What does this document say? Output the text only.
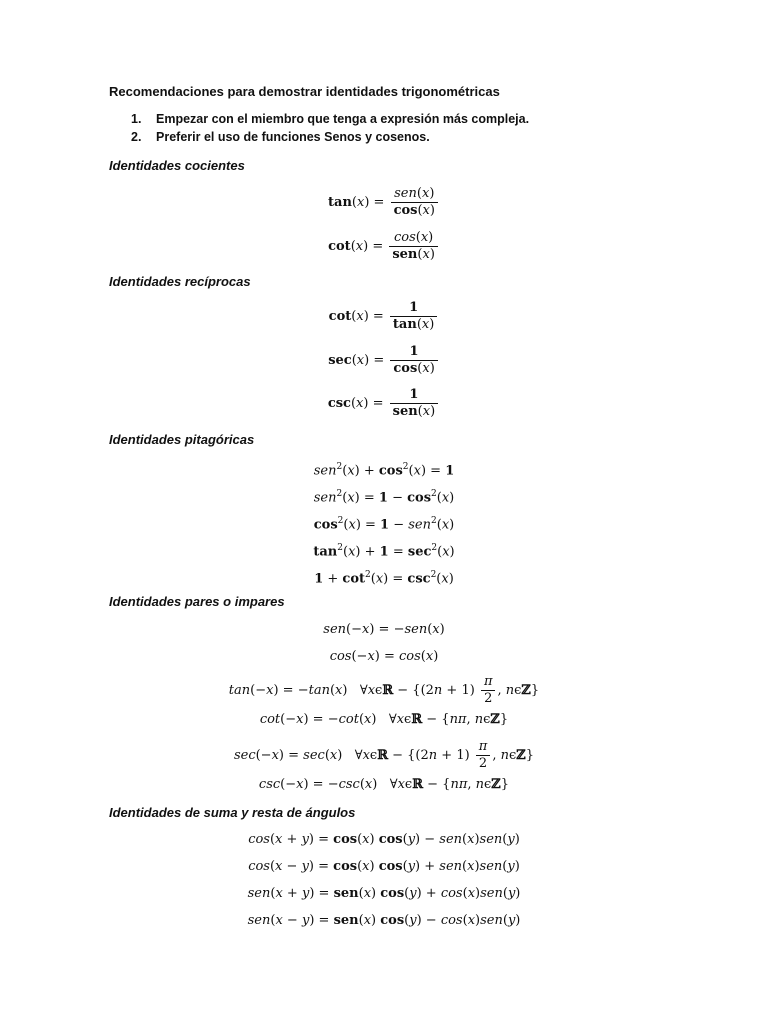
Recomendaciones para demostrar identidades trigonométricas
1. Empezar con el miembro que tenga a expresión más compleja.
2. Preferir el uso de funciones Senos y cosenos.
Identidades cocientes
$\tan(x) = \frac{\text{sen(x)}}{\cos(x)}$
$\cot(x) = \frac{\cos(x)}{\text{sen(x)}}$
Identidades recíprocas
$\cot(x) = \frac{1}{\tan(x)}$
$\sec(x) = \frac{1}{\cos(x)}$
$\csc(x) = \frac{1}{\text{sen(x)}}$
Identidades pitagóricas
$sen^2(x) + \cos^2(x) = 1$
$sen^2(x) = 1 - \cos^2(x)$
$\cos^2(x) = 1 - sen^2(x)$
$\tan^2(x) + 1 = \sec^2(x)$
$1 + \cot^2(x) = \csc^2(x)$
Identidades pares o impares
sen(−x) = −sen(x)
cos(−x) = cos(x)
tan(−x) = −tan(x)   ∀xϵℝ − {$(2n + 1) \frac{\pi}{2}$ , nϵℤ}
cot(−x) = −cot(x)   ∀xϵℝ − {nπ, nϵℤ}
sec(−x) = sec(x)   ∀xϵℝ − {$(2n + 1) \frac{\pi}{2}$ , nϵℤ}
csc(−x) = −csc(x)   ∀xϵℝ − {nπ, nϵℤ}
Identidades de suma y resta de ángulos
cos(x + y) = cos(x) cos(y) − sen(x)sen(y)
cos(x − y) = cos(x) cos(y) + sen(x)sen(y)
sen(x + y) = sen(x) cos(y) + cos(x)sen(y)
sen(x − y) = sen(x) cos(y) − cos(x)sen(y)
